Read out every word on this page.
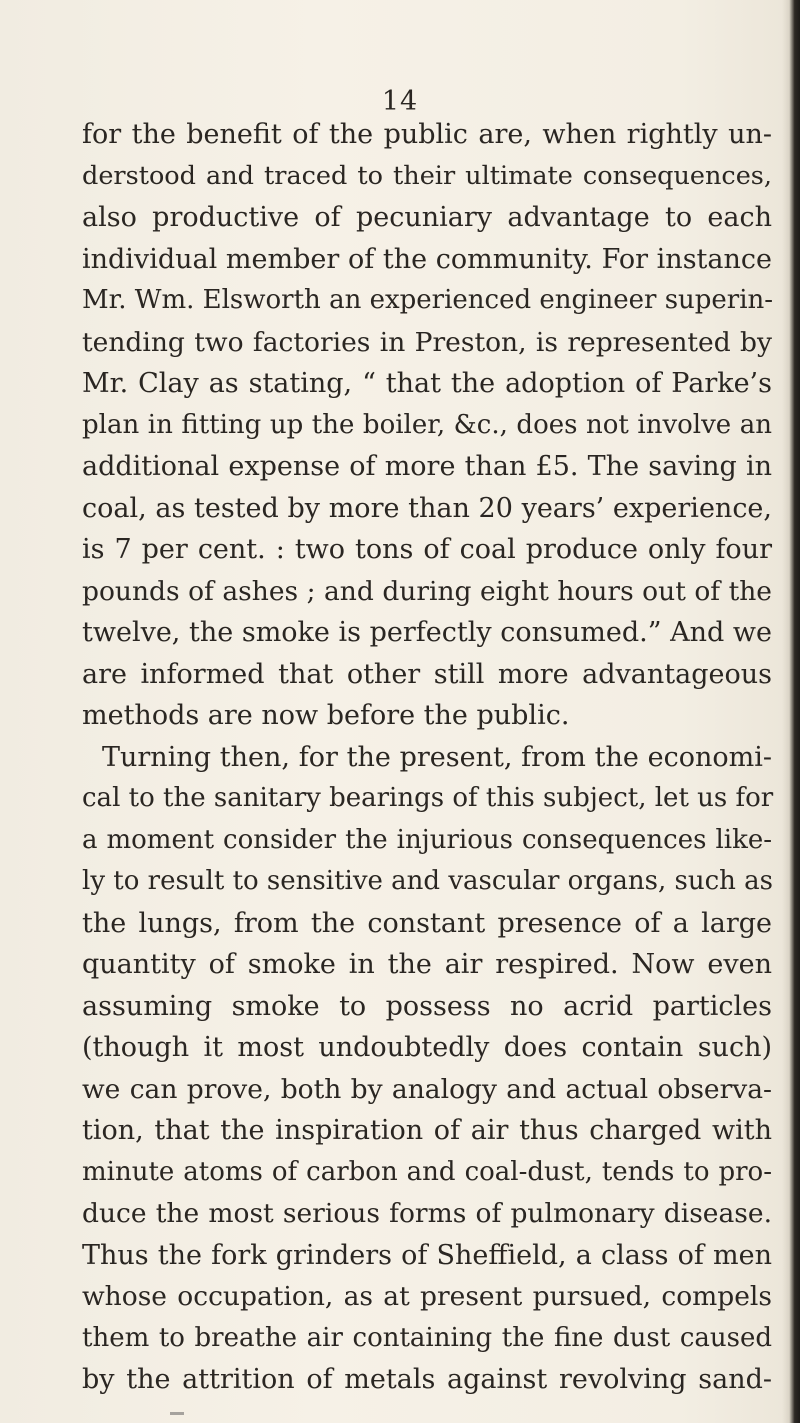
14
for the benefit of the public are, when rightly un-
derstood and traced to their ultimate consequences,
also productive of pecuniary advantage to each
individual member of the community. For instance
Mr. Wm. Elsworth an experienced engineer superin-
tending two factories in Preston, is represented by
Mr. Clay as stating, “ that the adoption of Parke’s
plan in fitting up the boiler, &c., does not involve an
additional expense of more than £5. The saving in
coal, as tested by more than 20 years’ experience,
is 7 per cent. : two tons of coal produce only four
pounds of ashes ; and during eight hours out of the
twelve, the smoke is perfectly consumed.” And we
are informed that other still more advantageous
methods are now before the public.
Turning then, for the present, from the economi-
cal to the sanitary bearings of this subject, let us for
a moment consider the injurious consequences like-
ly to result to sensitive and vascular organs, such as
the lungs, from the constant presence of a large
quantity of smoke in the air respired. Now even
assuming smoke to possess no acrid particles
(though it most undoubtedly does contain such)
we can prove, both by analogy and actual observa-
tion, that the inspiration of air thus charged with
minute atoms of carbon and coal-dust, tends to pro-
duce the most serious forms of pulmonary disease.
Thus the fork grinders of Sheffield, a class of men
whose occupation, as at present pursued, compels
them to breathe air containing the fine dust caused
by the attrition of metals against revolving sand-
